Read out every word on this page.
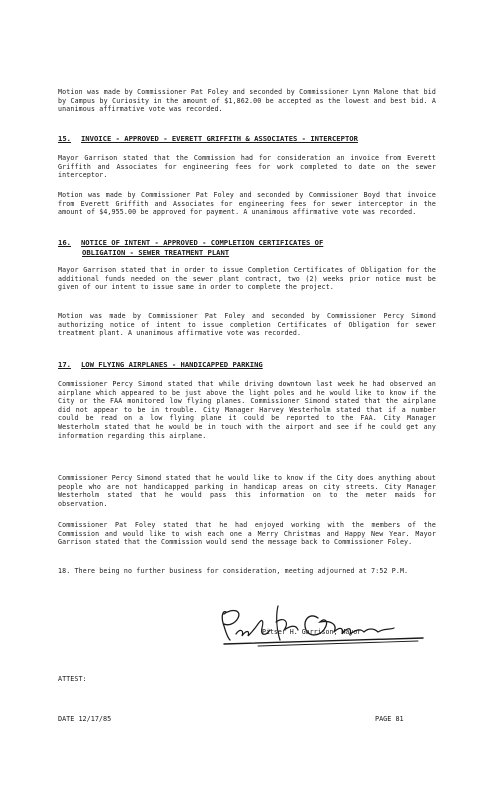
Motion was made by Commissioner Pat Foley and seconded by Commissioner Lynn Malone that bid by Campus by Curiosity in the amount of $1,862.00 be accepted as the lowest and best bid. A unanimous affirmative vote was recorded.
15. INVOICE - APPROVED - EVERETT GRIFFITH & ASSOCIATES - INTERCEPTOR
Mayor Garrison stated that the Commission had for consideration an invoice from Everett Griffith and Associates for engineering fees for work completed to date on the sewer interceptor.
Motion was made by Commissioner Pat Foley and seconded by Commissioner Boyd that invoice from Everett Griffith and Associates for engineering fees for sewer interceptor in the amount of $4,955.00 be approved for payment. A unanimous affirmative vote was recorded.
16. NOTICE OF INTENT - APPROVED - COMPLETION CERTIFICATES OF
OBLIGATION - SEWER TREATMENT PLANT
Mayor Garrison stated that in order to issue Completion Certificates of Obligation for the additional funds needed on the sewer plant contract, two (2) weeks prior notice must be given of our intent to issue same in order to complete the project.
Motion was made by Commissioner Pat Foley and seconded by Commissioner Percy Simond authorizing notice of intent to issue completion Certificates of Obligation for sewer treatment plant. A unanimous affirmative vote was recorded.
17. LOW FLYING AIRPLANES - HANDICAPPED PARKING
Commissioner Percy Simond stated that while driving downtown last week he had observed an airplane which appeared to be just above the light poles and he would like to know if the City or the FAA monitored low flying planes. Commissioner Simond stated that the airplane did not appear to be in trouble. City Manager Harvey Westerholm stated that if a number could be read on a low flying plane it could be reported to the FAA. City Manager Westerholm stated that he would be in touch with the airport and see if he could get any information regarding this airplane.
Commissioner Percy Simond stated that he would like to know if the City does anything about people who are not handicapped parking in handicap areas on city streets. City Manager Westerholm stated that he would pass this information on to the meter maids for observation.
Commissioner Pat Foley stated that he had enjoyed working with the members of the Commission and would like to wish each one a Merry Christmas and Happy New Year. Mayor Garrison stated that the Commission would send the message back to Commissioner Foley.
18. There being no further business for consideration, meeting adjourned at 7:52 P.M.
Pitser H. Garrison, Mayor
ATTEST:
DATE 12/17/85	PAGE 81
